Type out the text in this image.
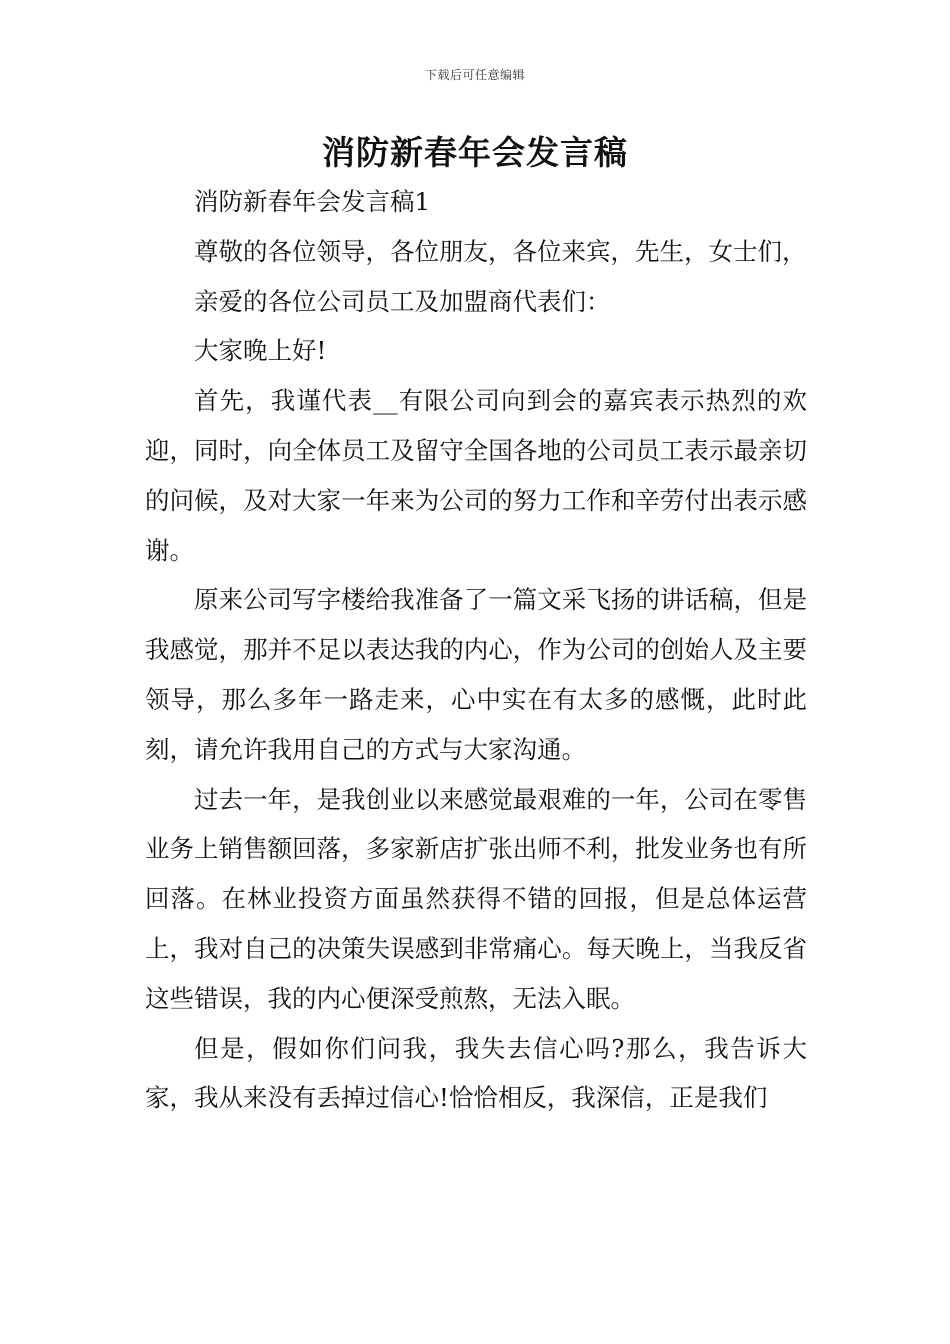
下载后可任意编辑
消防新春年会发言稿

消防新春年会发言稿1

尊敬的各位领导，各位朋友，各位来宾，先生，女士们，

亲爱的各位公司员工及加盟商代表们：

大家晚上好!

首先，我谨代表__有限公司向到会的嘉宾表示热烈的欢迎，同时，向全体员工及留守全国各地的公司员工表示最亲切的问候，及对大家一年来为公司的努力工作和辛劳付出表示感谢。

原来公司写字楼给我准备了一篇文采飞扬的讲话稿，但是我感觉，那并不足以表达我的内心，作为公司的创始人及主要领导，那么多年一路走来，心中实在有太多的感慨，此时此刻，请允许我用自己的方式与大家沟通。

过去一年，是我创业以来感觉最艰难的一年，公司在零售业务上销售额回落，多家新店扩张出师不利，批发业务也有所回落。在林业投资方面虽然获得不错的回报，但是总体运营上，我对自己的决策失误感到非常痛心。每天晚上，当我反省这些错误，我的内心便深受煎熬，无法入眠。

但是，假如你们问我，我失去信心吗?那么，我告诉大家，我从来没有丢掉过信心!恰恰相反，我深信，正是我们
